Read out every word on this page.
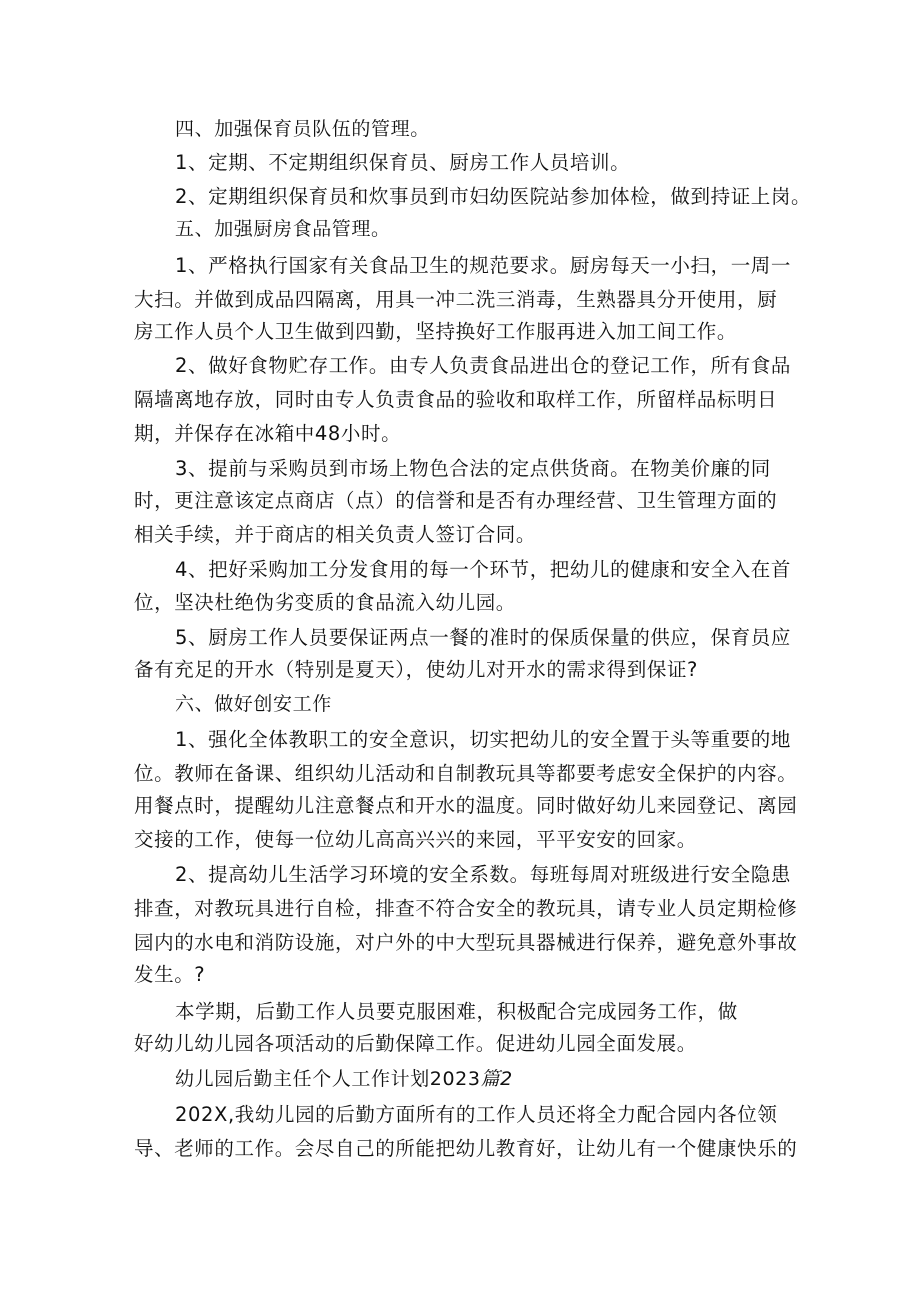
四、加强保育员队伍的管理。
1、定期、不定期组织保育员、厨房工作人员培训。
2、定期组织保育员和炊事员到市妇幼医院站参加体检，做到持证上岗。
五、加强厨房食品管理。
1、严格执行国家有关食品卫生的规范要求。厨房每天一小扫，一周一
大扫。并做到成品四隔离，用具一冲二洗三消毒，生熟器具分开使用，厨
房工作人员个人卫生做到四勤，坚持换好工作服再进入加工间工作。
2、做好食物贮存工作。由专人负责食品进出仓的登记工作，所有食品
隔墙离地存放，同时由专人负责食品的验收和取样工作，所留样品标明日
期，并保存在冰箱中48小时。
3、提前与采购员到市场上物色合法的定点供货商。在物美价廉的同
时，更注意该定点商店（点）的信誉和是否有办理经营、卫生管理方面的
相关手续，并于商店的相关负责人签订合同。
4、把好采购加工分发食用的每一个环节，把幼儿的健康和安全入在首
位，坚决杜绝伪劣变质的食品流入幼儿园。
5、厨房工作人员要保证两点一餐的准时的保质保量的供应，保育员应
备有充足的开水（特别是夏天），使幼儿对开水的需求得到保证?
六、做好创安工作
1、强化全体教职工的安全意识，切实把幼儿的安全置于头等重要的地
位。教师在备课、组织幼儿活动和自制教玩具等都要考虑安全保护的内容。
用餐点时，提醒幼儿注意餐点和开水的温度。同时做好幼儿来园登记、离园
交接的工作，使每一位幼儿高高兴兴的来园，平平安安的回家。
2、提高幼儿生活学习环境的安全系数。每班每周对班级进行安全隐患
排查，对教玩具进行自检，排查不符合安全的教玩具，请专业人员定期检修
园内的水电和消防设施，对户外的中大型玩具器械进行保养，避免意外事故
发生。?
本学期，后勤工作人员要克服困难，积极配合完成园务工作，做
好幼儿幼儿园各项活动的后勤保障工作。促进幼儿园全面发展。
幼儿园后勤主任个人工作计划2023篇2
202X,我幼儿园的后勤方面所有的工作人员还将全力配合园内各位领
导、老师的工作。会尽自己的所能把幼儿教育好，让幼儿有一个健康快乐的
